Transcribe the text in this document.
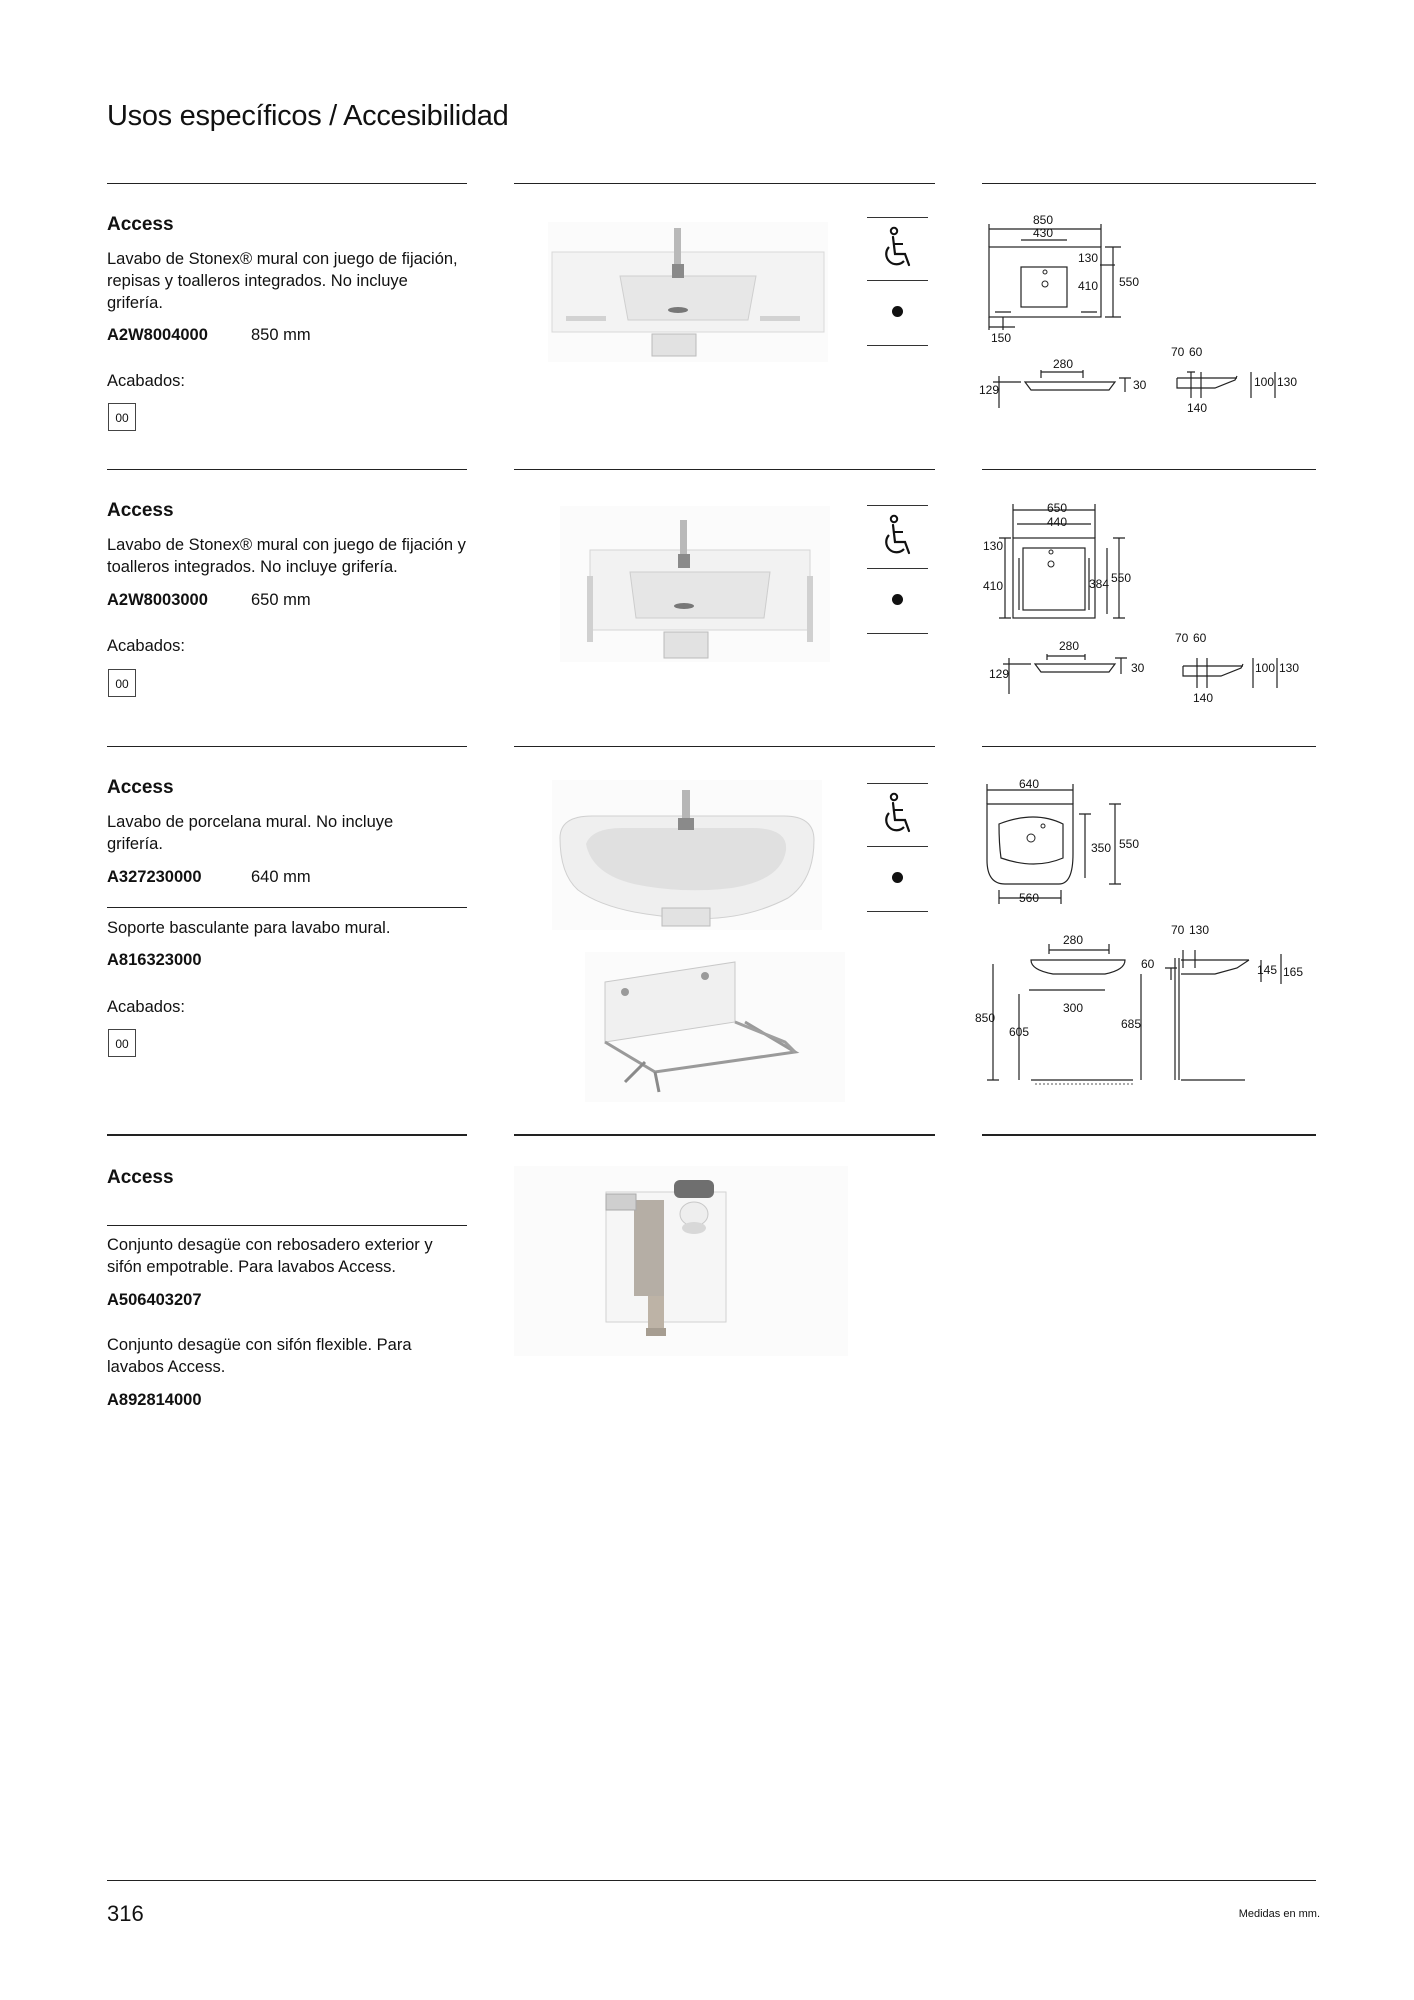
Usos específicos / Accesibilidad
Access
Lavabo de Stonex® mural con juego de fijación, repisas y toalleros integrados. No incluye grifería.
A2W8004000	850 mm
Acabados:
00
850
430
130
410 550
150
280
129	30
70 60
100 130
140
Access
Lavabo de Stonex® mural con juego de fijación y toalleros integrados. No incluye grifería.
A2W8003000	650 mm
Acabados:
00
650
440
130
410	384 550
280
129	30
70 60
100 130
140
Access
Lavabo de porcelana mural. No incluye grifería.
A327230000	640 mm
Soporte basculante para lavabo mural.
A816323000
Acabados:
00
640
350 550
560
280
300
850
605
685
70 130
60	145 165
Access
Conjunto desagüe con rebosadero exterior y sifón empotrable. Para lavabos Access.
A506403207
Conjunto desagüe con sifón flexible. Para lavabos Access.
A892814000
316	Medidas en mm.
